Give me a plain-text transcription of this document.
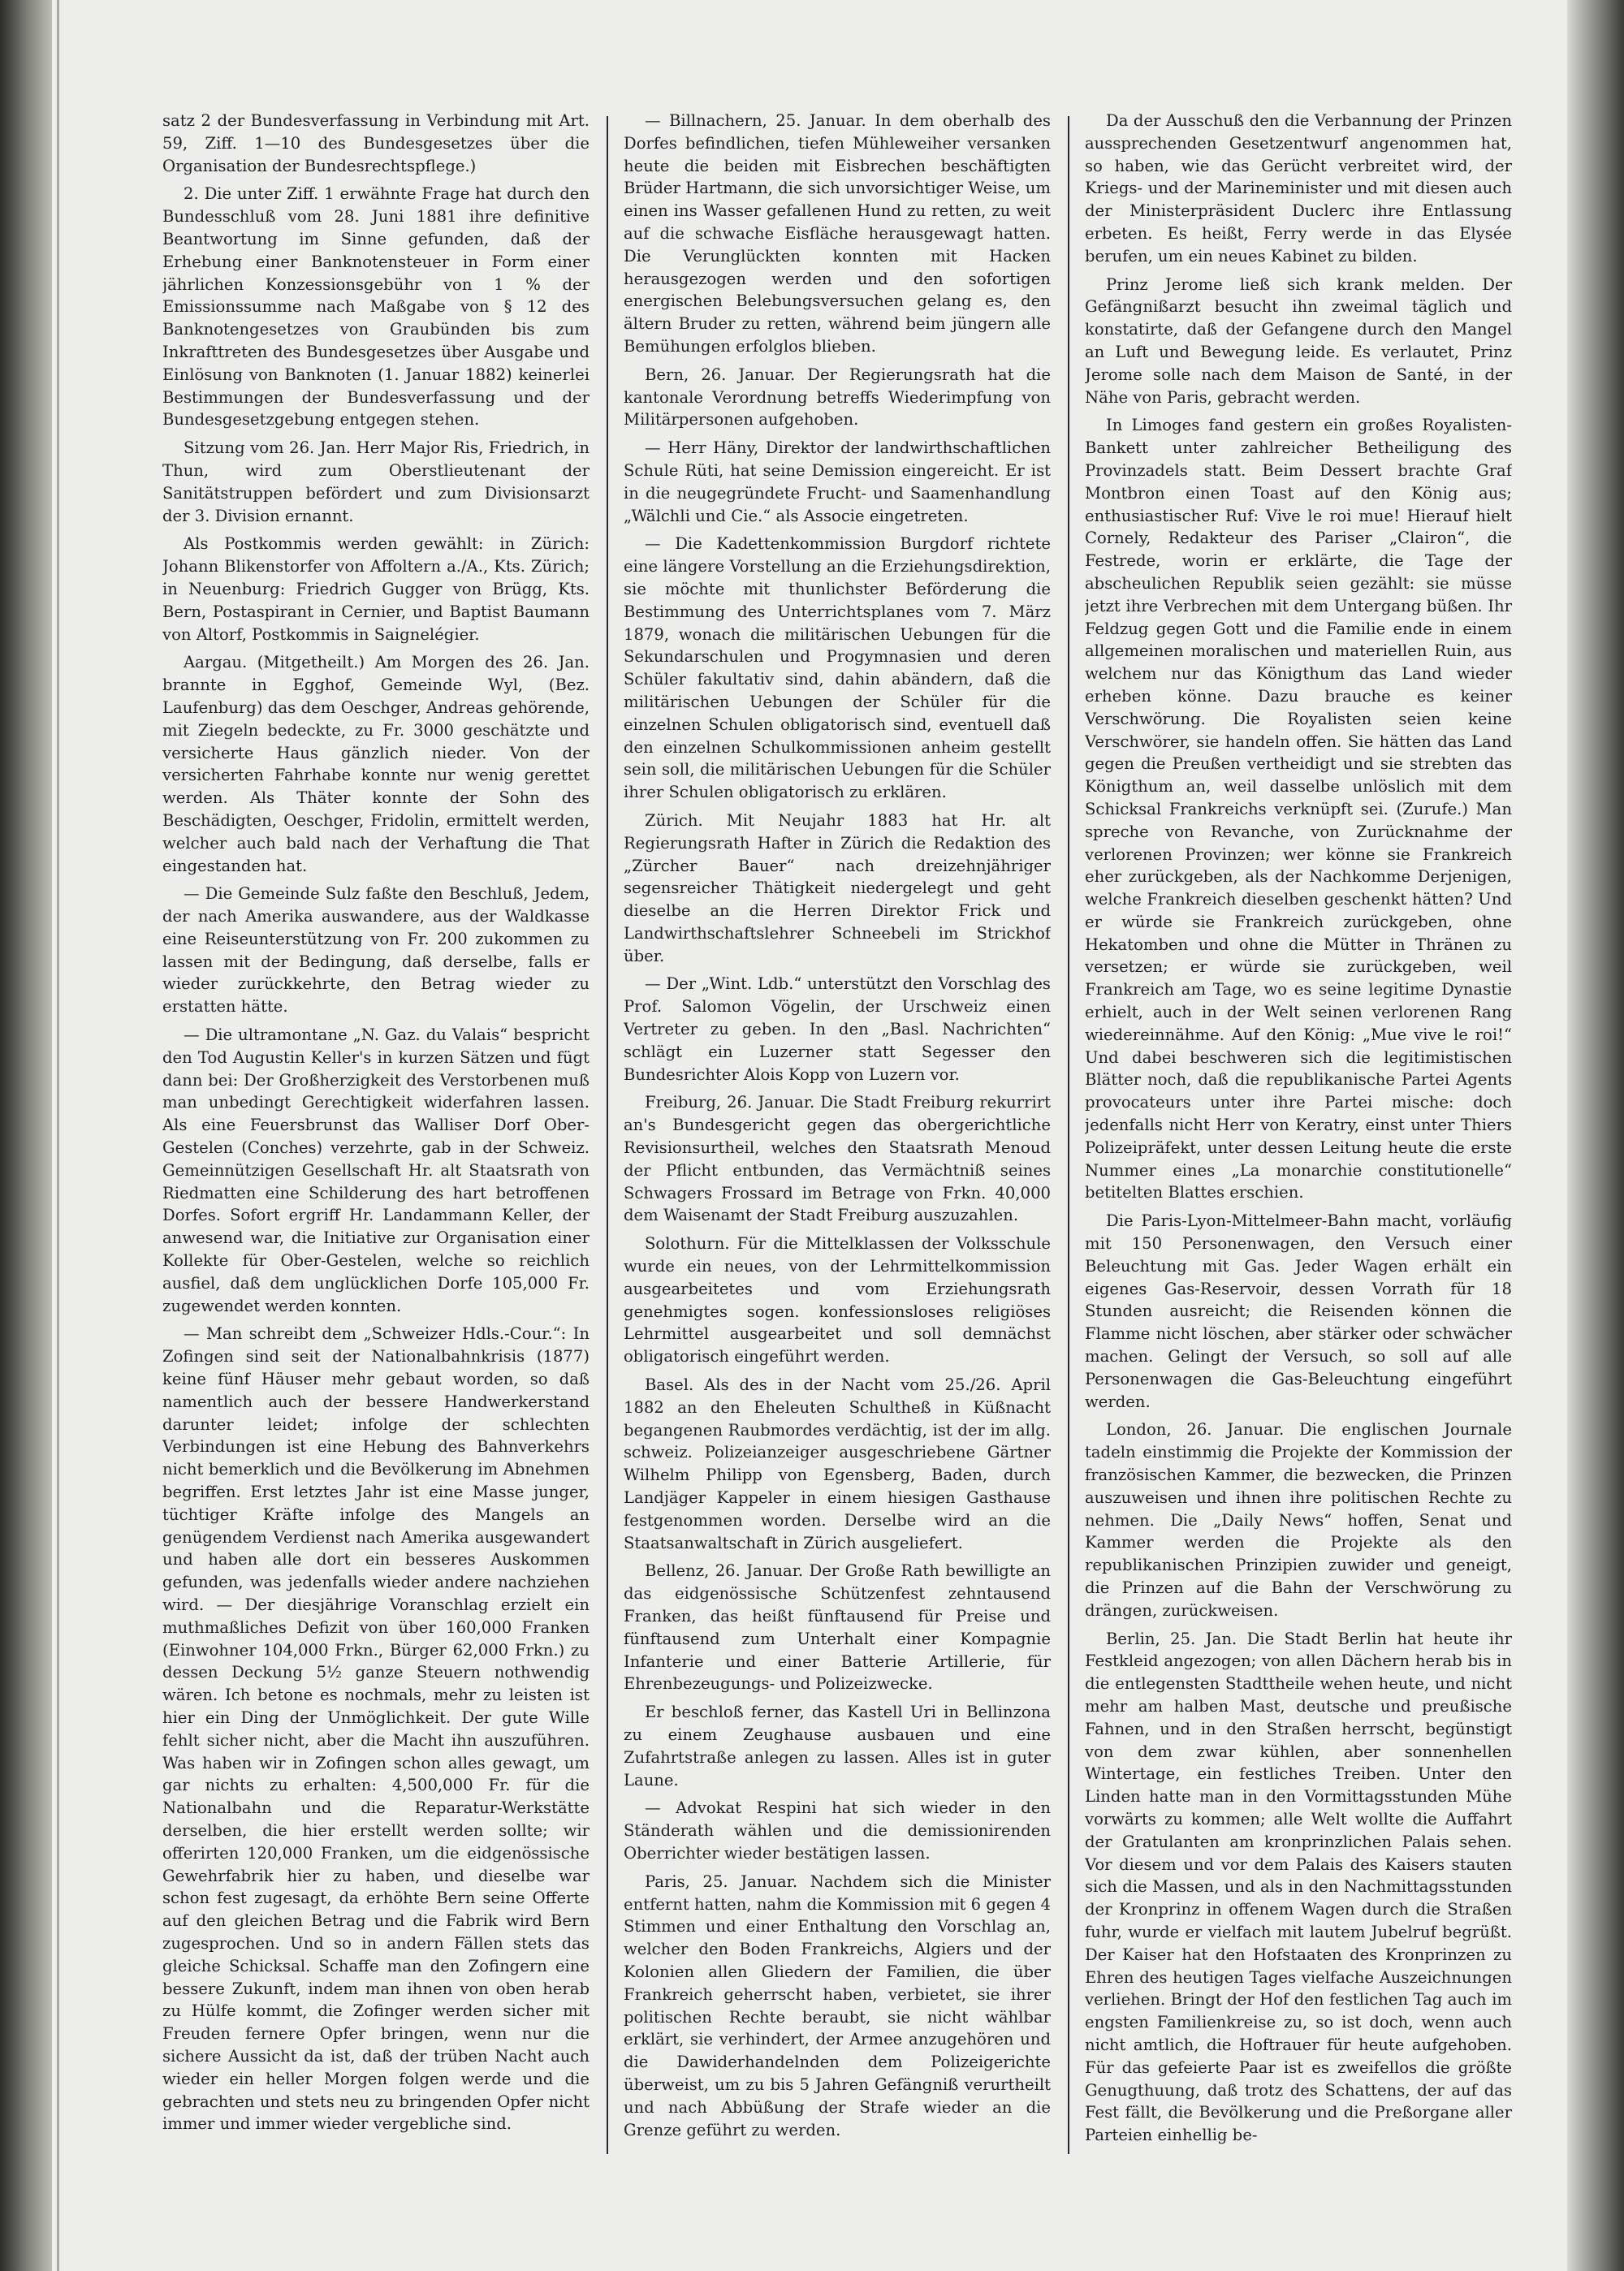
satz 2 der Bundesverfassung in Verbindung mit Art. 59, Ziff. 1—10 des Bundesgesetzes über die Organisation der Bundesrechtspflege.)

2. Die unter Ziff. 1 erwähnte Frage hat durch den Bundesschluß vom 28. Juni 1881 ihre definitive Beantwortung im Sinne gefunden, daß der Erhebung einer Banknotensteuer in Form einer jährlichen Konzessionsgebühr von 1 % der Emissionssumme nach Maßgabe von § 12 des Banknotengesetzes von Graubünden bis zum Inkrafttreten des Bundesgesetzes über Ausgabe und Einlösung von Banknoten (1. Januar 1882) keinerlei Bestimmungen der Bundesverfassung und der Bundesgesetzgebung entgegen stehen.

Sitzung vom 26. Jan. Herr Major Ris, Friedrich, in Thun, wird zum Oberstlieutenant der Sanitätstruppen befördert und zum Divisionsarzt der 3. Division ernannt.

Als Postkommis werden gewählt: in Zürich: Johann Blikenstorfer von Affoltern a./A., Kts. Zürich; in Neuenburg: Friedrich Gugger von Brügg, Kts. Bern, Postaspirant in Cernier, und Baptist Baumann von Altorf, Postkommis in Saignelégier.

Aargau. (Mitgetheilt.) Am Morgen des 26. Jan. brannte in Egghof, Gemeinde Wyl, (Bez. Laufenburg) das dem Oeschger, Andreas gehörende, mit Ziegeln bedeckte, zu Fr. 3000 geschätzte und versicherte Haus gänzlich nieder. Von der versicherten Fahrhabe konnte nur wenig gerettet werden. Als Thäter konnte der Sohn des Beschädigten, Oeschger, Fridolin, ermittelt werden, welcher auch bald nach der Verhaftung die That eingestanden hat.

— Die Gemeinde Sulz faßte den Beschluß, Jedem, der nach Amerika auswandere, aus der Waldkasse eine Reiseunterstützung von Fr. 200 zukommen zu lassen mit der Bedingung, daß derselbe, falls er wieder zurückkehrte, den Betrag wieder zu erstatten hätte.

— Die ultramontane „N. Gaz. du Valais“ bespricht den Tod Augustin Keller's in kurzen Sätzen und fügt dann bei: Der Großherzigkeit des Verstorbenen muß man unbedingt Gerechtigkeit widerfahren lassen. Als eine Feuersbrunst das Walliser Dorf Ober-Gestelen (Conches) verzehrte, gab in der Schweiz. Gemeinnützigen Gesellschaft Hr. alt Staatsrath von Riedmatten eine Schilderung des hart betroffenen Dorfes. Sofort ergriff Hr. Landammann Keller, der anwesend war, die Initiative zur Organisation einer Kollekte für Ober-Gestelen, welche so reichlich ausfiel, daß dem unglücklichen Dorfe 105,000 Fr. zugewendet werden konnten.

— Man schreibt dem „Schweizer Hdls.-Cour.“: In Zofingen sind seit der Nationalbahnkrisis (1877) keine fünf Häuser mehr gebaut worden, so daß namentlich auch der bessere Handwerkerstand darunter leidet; infolge der schlechten Verbindungen ist eine Hebung des Bahnverkehrs nicht bemerklich und die Bevölkerung im Abnehmen begriffen. Erst letztes Jahr ist eine Masse junger, tüchtiger Kräfte infolge des Mangels an genügendem Verdienst nach Amerika ausgewandert und haben alle dort ein besseres Auskommen gefunden, was jedenfalls wieder andere nachziehen wird. — Der diesjährige Voranschlag erzielt ein muthmaßliches Defizit von über 160,000 Franken (Einwohner 104,000 Frkn., Bürger 62,000 Frkn.) zu dessen Deckung 5½ ganze Steuern nothwendig wären. Ich betone es nochmals, mehr zu leisten ist hier ein Ding der Unmöglichkeit. Der gute Wille fehlt sicher nicht, aber die Macht ihn auszuführen. Was haben wir in Zofingen schon alles gewagt, um gar nichts zu erhalten: 4,500,000 Fr. für die Nationalbahn und die Reparatur-Werkstätte derselben, die hier erstellt werden sollte; wir offerirten 120,000 Franken, um die eidgenössische Gewehrfabrik hier zu haben, und dieselbe war schon fest zugesagt, da erhöhte Bern seine Offerte auf den gleichen Betrag und die Fabrik wird Bern zugesprochen. Und so in andern Fällen stets das gleiche Schicksal. Schaffe man den Zofingern eine bessere Zukunft, indem man ihnen von oben herab zu Hülfe kommt, die Zofinger werden sicher mit Freuden fernere Opfer bringen, wenn nur die sichere Aussicht da ist, daß der trüben Nacht auch wieder ein heller Morgen folgen werde und die gebrachten und stets neu zu bringenden Opfer nicht immer und immer wieder vergebliche sind.

— Billnachern, 25. Januar. In dem oberhalb des Dorfes befindlichen, tiefen Mühleweiher versanken heute die beiden mit Eisbrechen beschäftigten Brüder Hartmann, die sich unvorsichtiger Weise, um einen ins Wasser gefallenen Hund zu retten, zu weit auf die schwache Eisfläche herausgewagt hatten. Die Verunglückten konnten mit Hacken herausgezogen werden und den sofortigen energischen Belebungsversuchen gelang es, den ältern Bruder zu retten, während beim jüngern alle Bemühungen erfolglos blieben.

Bern, 26. Januar. Der Regierungsrath hat die kantonale Verordnung betreffs Wiederimpfung von Militärpersonen aufgehoben.

— Herr Häny, Direktor der landwirthschaftlichen Schule Rüti, hat seine Demission eingereicht. Er ist in die neugegründete Frucht- und Saamenhandlung „Wälchli und Cie.“ als Associe eingetreten.

— Die Kadettenkommission Burgdorf richtete eine längere Vorstellung an die Erziehungsdirektion, sie möchte mit thunlichster Beförderung die Bestimmung des Unterrichtsplanes vom 7. März 1879, wonach die militärischen Uebungen für die Sekundarschulen und Progymnasien und deren Schüler fakultativ sind, dahin abändern, daß die militärischen Uebungen der Schüler für die einzelnen Schulen obligatorisch sind, eventuell daß den einzelnen Schulkommissionen anheim gestellt sein soll, die militärischen Uebungen für die Schüler ihrer Schulen obligatorisch zu erklären.

Zürich. Mit Neujahr 1883 hat Hr. alt Regierungsrath Hafter in Zürich die Redaktion des „Zürcher Bauer“ nach dreizehnjähriger segensreicher Thätigkeit niedergelegt und geht dieselbe an die Herren Direktor Frick und Landwirthschaftslehrer Schneebeli im Strickhof über.

— Der „Wint. Ldb.“ unterstützt den Vorschlag des Prof. Salomon Vögelin, der Urschweiz einen Vertreter zu geben. In den „Basl. Nachrichten“ schlägt ein Luzerner statt Segesser den Bundesrichter Alois Kopp von Luzern vor.

Freiburg, 26. Januar. Die Stadt Freiburg rekurrirt an's Bundesgericht gegen das obergerichtliche Revisionsurtheil, welches den Staatsrath Menoud der Pflicht entbunden, das Vermächtniß seines Schwagers Frossard im Betrage von Frkn. 40,000 dem Waisenamt der Stadt Freiburg auszuzahlen.

Solothurn. Für die Mittelklassen der Volksschule wurde ein neues, von der Lehrmittelkommission ausgearbeitetes und vom Erziehungsrath genehmigtes sogen. konfessionsloses religiöses Lehrmittel ausgearbeitet und soll demnächst obligatorisch eingeführt werden.

Basel. Als des in der Nacht vom 25./26. April 1882 an den Eheleuten Schultheß in Küßnacht begangenen Raubmordes verdächtig, ist der im allg. schweiz. Polizeianzeiger ausgeschriebene Gärtner Wilhelm Philipp von Egensberg, Baden, durch Landjäger Kappeler in einem hiesigen Gasthause festgenommen worden. Derselbe wird an die Staatsanwaltschaft in Zürich ausgeliefert.

Bellenz, 26. Januar. Der Große Rath bewilligte an das eidgenössische Schützenfest zehntausend Franken, das heißt fünftausend für Preise und fünftausend zum Unterhalt einer Kompagnie Infanterie und einer Batterie Artillerie, für Ehrenbezeugungs- und Polizeizwecke.

Er beschloß ferner, das Kastell Uri in Bellinzona zu einem Zeughause ausbauen und eine Zufahrtstraße anlegen zu lassen. Alles ist in guter Laune.

— Advokat Respini hat sich wieder in den Ständerath wählen und die demissionirenden Oberrichter wieder bestätigen lassen.

Paris, 25. Januar. Nachdem sich die Minister entfernt hatten, nahm die Kommission mit 6 gegen 4 Stimmen und einer Enthaltung den Vorschlag an, welcher den Boden Frankreichs, Algiers und der Kolonien allen Gliedern der Familien, die über Frankreich geherrscht haben, verbietet, sie ihrer politischen Rechte beraubt, sie nicht wählbar erklärt, sie verhindert, der Armee anzugehören und die Dawiderhandelnden dem Polizeigerichte überweist, um zu bis 5 Jahren Gefängniß verurtheilt und nach Abbüßung der Strafe wieder an die Grenze geführt zu werden.

Da der Ausschuß den die Verbannung der Prinzen aussprechenden Gesetzentwurf angenommen hat, so haben, wie das Gerücht verbreitet wird, der Kriegs- und der Marineminister und mit diesen auch der Ministerpräsident Duclerc ihre Entlassung erbeten. Es heißt, Ferry werde in das Elysée berufen, um ein neues Kabinet zu bilden.

Prinz Jerome ließ sich krank melden. Der Gefängnißarzt besucht ihn zweimal täglich und konstatirte, daß der Gefangene durch den Mangel an Luft und Bewegung leide. Es verlautet, Prinz Jerome solle nach dem Maison de Santé, in der Nähe von Paris, gebracht werden.

In Limoges fand gestern ein großes Royalisten-Bankett unter zahlreicher Betheiligung des Provinzadels statt. Beim Dessert brachte Graf Montbron einen Toast auf den König aus; enthusiastischer Ruf: Vive le roi mue! Hierauf hielt Cornely, Redakteur des Pariser „Clairon“, die Festrede, worin er erklärte, die Tage der abscheulichen Republik seien gezählt: sie müsse jetzt ihre Verbrechen mit dem Untergang büßen. Ihr Feldzug gegen Gott und die Familie ende in einem allgemeinen moralischen und materiellen Ruin, aus welchem nur das Königthum das Land wieder erheben könne. Dazu brauche es keiner Verschwörung. Die Royalisten seien keine Verschwörer, sie handeln offen. Sie hätten das Land gegen die Preußen vertheidigt und sie strebten das Königthum an, weil dasselbe unlöslich mit dem Schicksal Frankreichs verknüpft sei. (Zurufe.) Man spreche von Revanche, von Zurücknahme der verlorenen Provinzen; wer könne sie Frankreich eher zurückgeben, als der Nachkomme Derjenigen, welche Frankreich dieselben geschenkt hätten? Und er würde sie Frankreich zurückgeben, ohne Hekatomben und ohne die Mütter in Thränen zu versetzen; er würde sie zurückgeben, weil Frankreich am Tage, wo es seine legitime Dynastie erhielt, auch in der Welt seinen verlorenen Rang wiedereinnähme. Auf den König: „Mue vive le roi!“ Und dabei beschweren sich die legitimistischen Blätter noch, daß die republikanische Partei Agents provocateurs unter ihre Partei mische: doch jedenfalls nicht Herr von Keratry, einst unter Thiers Polizeipräfekt, unter dessen Leitung heute die erste Nummer eines „La monarchie constitutionelle“ betitelten Blattes erschien.

Die Paris-Lyon-Mittelmeer-Bahn macht, vorläufig mit 150 Personenwagen, den Versuch einer Beleuchtung mit Gas. Jeder Wagen erhält ein eigenes Gas-Reservoir, dessen Vorrath für 18 Stunden ausreicht; die Reisenden können die Flamme nicht löschen, aber stärker oder schwächer machen. Gelingt der Versuch, so soll auf alle Personenwagen die Gas-Beleuchtung eingeführt werden.

London, 26. Januar. Die englischen Journale tadeln einstimmig die Projekte der Kommission der französischen Kammer, die bezwecken, die Prinzen auszuweisen und ihnen ihre politischen Rechte zu nehmen. Die „Daily News“ hoffen, Senat und Kammer werden die Projekte als den republikanischen Prinzipien zuwider und geneigt, die Prinzen auf die Bahn der Verschwörung zu drängen, zurückweisen.

Berlin, 25. Jan. Die Stadt Berlin hat heute ihr Festkleid angezogen; von allen Dächern herab bis in die entlegensten Stadttheile wehen heute, und nicht mehr am halben Mast, deutsche und preußische Fahnen, und in den Straßen herrscht, begünstigt von dem zwar kühlen, aber sonnenhellen Wintertage, ein festliches Treiben. Unter den Linden hatte man in den Vormittagsstunden Mühe vorwärts zu kommen; alle Welt wollte die Auffahrt der Gratulanten am kronprinzlichen Palais sehen. Vor diesem und vor dem Palais des Kaisers stauten sich die Massen, und als in den Nachmittagsstunden der Kronprinz in offenem Wagen durch die Straßen fuhr, wurde er vielfach mit lautem Jubelruf begrüßt. Der Kaiser hat den Hofstaaten des Kronprinzen zu Ehren des heutigen Tages vielfache Auszeichnungen verliehen. Bringt der Hof den festlichen Tag auch im engsten Familienkreise zu, so ist doch, wenn auch nicht amtlich, die Hoftrauer für heute aufgehoben. Für das gefeierte Paar ist es zweifellos die größte Genugthuung, daß trotz des Schattens, der auf das Fest fällt, die Bevölkerung und die Preßorgane aller Parteien einhellig be-
